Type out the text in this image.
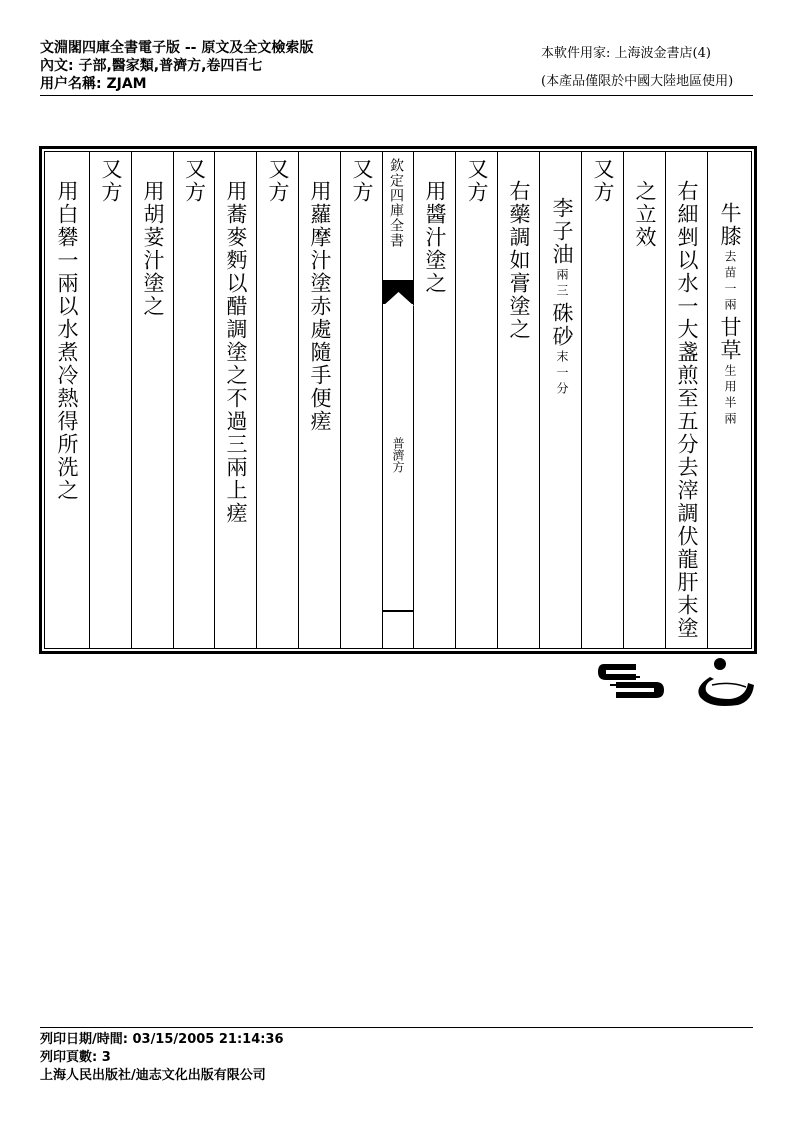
文淵閣四庫全書電子版 -- 原文及全文檢索版
內文: 子部,醫家類,普濟方,卷四百七
用户名稱: ZJAM
本軟件用家: 上海波金書店(4)
(本產品僅限於中國大陸地區使用)
牛膝
一兩
去苗
甘草
半兩
生用
右細剉以水一大盞煎至五分去滓調伏龍肝末塗
之立效
又方
李子油
三
兩
硃砂
一分
末
右藥調如膏塗之
又方
用醬汁塗之
欽定四庫全書
普濟方
又方
用蘿摩汁塗赤處隨手便瘥
又方
用蕎麥麪以醋調塗之不過三兩上瘥
又方
用胡荽汁塗之
又方
用白礬一兩以水煮冷熱得所洗之
列印日期/時間: 03/15/2005 21:14:36
列印頁數: 3
上海人民出版社/迪志文化出版有限公司
